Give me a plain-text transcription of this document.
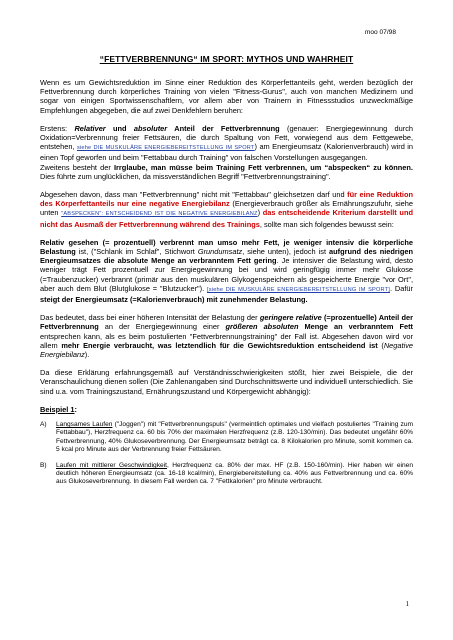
moo 07/98
“FETTVERBRENNUNG“ IM SPORT: MYTHOS UND WAHRHEIT

Wenn es um Gewichtsreduktion im Sinne einer Reduktion des Körperfettanteils geht, werden bezüglich der Fettverbrennung durch körperliches Training von vielen "Fitness-Gurus", auch von manchen Medizinern und sogar von einigen Sportwissenschaftlern, vor allem aber von Trainern in Fitnessstudios unzweckmäßige Empfehlungen abgegeben, die auf zwei Denkfehlern beruhen:

Erstens: Relativer und absoluter Anteil der Fettverbrennung (genauer: Energiegewinnung durch Oxidation=Verbrennung freier Fettsäuren, die durch Spaltung von Fett, vorwiegend aus dem Fettgewebe, entstehen, siehe DIE MUSKULÄRE ENERGIEBEREITSTELLUNG IM SPORT) am Energieumsatz (Kalorienverbrauch) wird in einen Topf geworfen und beim "Fettabbau durch Training" von falschen Vorstellungen ausgegangen.
Zweitens besteht der Irrglaube, man müsse beim Training Fett verbrennen, um “abspecken“ zu können. Dies führte zum unglücklichen, da missverständlichen Begriff "Fettverbrennungstraining".

Abgesehen davon, dass man "Fettverbrennung" nicht mit "Fettabbau" gleichsetzen darf und für eine Reduktion des Körperfettanteils nur eine negative Energiebilanz (Energieverbrauch größer als Ernährungszufuhr, siehe unten "ABSPECKEN": ENTSCHEIDEND IST DIE NEGATIVE ENERGIEBILANZ) das entscheidende Kriterium darstellt und nicht das Ausmaß der Fettverbrennung während des Trainings, sollte man sich folgendes bewusst sein:

Relativ gesehen (= prozentuell) verbrennt man umso mehr Fett, je weniger intensiv die körperliche Belastung ist, ("Schlank im Schlaf", Stichwort Grundumsatz, siehe unten), jedoch ist aufgrund des niedrigen Energieumsatzes die absolute Menge an verbranntem Fett gering. Je intensiver die Belastung wird, desto weniger trägt Fett prozentuell zur Energiegewinnung bei und wird geringfügig immer mehr Glukose (=Traubenzucker) verbrannt (primär aus den muskulären Glykogenspeichern als gespeicherte Energie "vor Ort", aber auch dem Blut (Blutglukose = "Blutzucker"). [siehe DIE MUSKULÄRE ENERGIEBEREITSTELLUNG IM SPORT]. Dafür steigt der Energieumsatz (=Kalorienverbrauch) mit zunehmender Belastung.

Das bedeutet, dass bei einer höheren Intensität der Belastung der geringere relative (=prozentuelle) Anteil der Fettverbrennung an der Energiegewinnung einer größeren absoluten Menge an verbranntem Fett entsprechen kann, als es beim postulierten "Fettverbrennungstraining" der Fall ist. Abgesehen davon wird vor allem mehr Energie verbraucht, was letztendlich für die Gewichtsreduktion entscheidend ist (Negative Energiebilanz).

Da diese Erklärung erfahrungsgemäß auf Verständnisschwierigkeiten stößt, hier zwei Beispiele, die der Veranschaulichung dienen sollen (Die Zahlenangaben sind Durchschnittswerte und individuell unterschiedlich. Sie sind u.a. vom Trainingszustand, Ernährungszustand und Körpergewicht abhängig):

Beispiel 1:

A)	Langsames Laufen ("Joggen") mit "Fettverbrennungspuls" (vermeintlich optimales und vielfach postuliertes "Training zum Fettabbau"), Herzfrequenz ca. 60 bis 70% der maximalen Herzfrequenz (z.B. 120-130/min). Das bedeutet ungefähr 60% Fettverbrennung, 40% Glukoseverbrennung. Der Energieumsatz beträgt ca. 8 Kilokalorien pro Minute, somit kommen ca. 5 kcal pro Minute aus der Verbrennung freier Fettsäuren.
B)	Laufen mit mittlerer Geschwindigkeit, Herzfrequenz ca. 80% der max. HF (z.B. 150-160/min). Hier haben wir einen deutlich höheren Energieumsatz (ca. 16-18 kcal/min), Energiebereitstellung ca. 40% aus Fettverbrennung und ca. 60% aus Glukoseverbrennung. In diesem Fall werden ca. 7 "Fettkalorien" pro Minute verbraucht.
1
